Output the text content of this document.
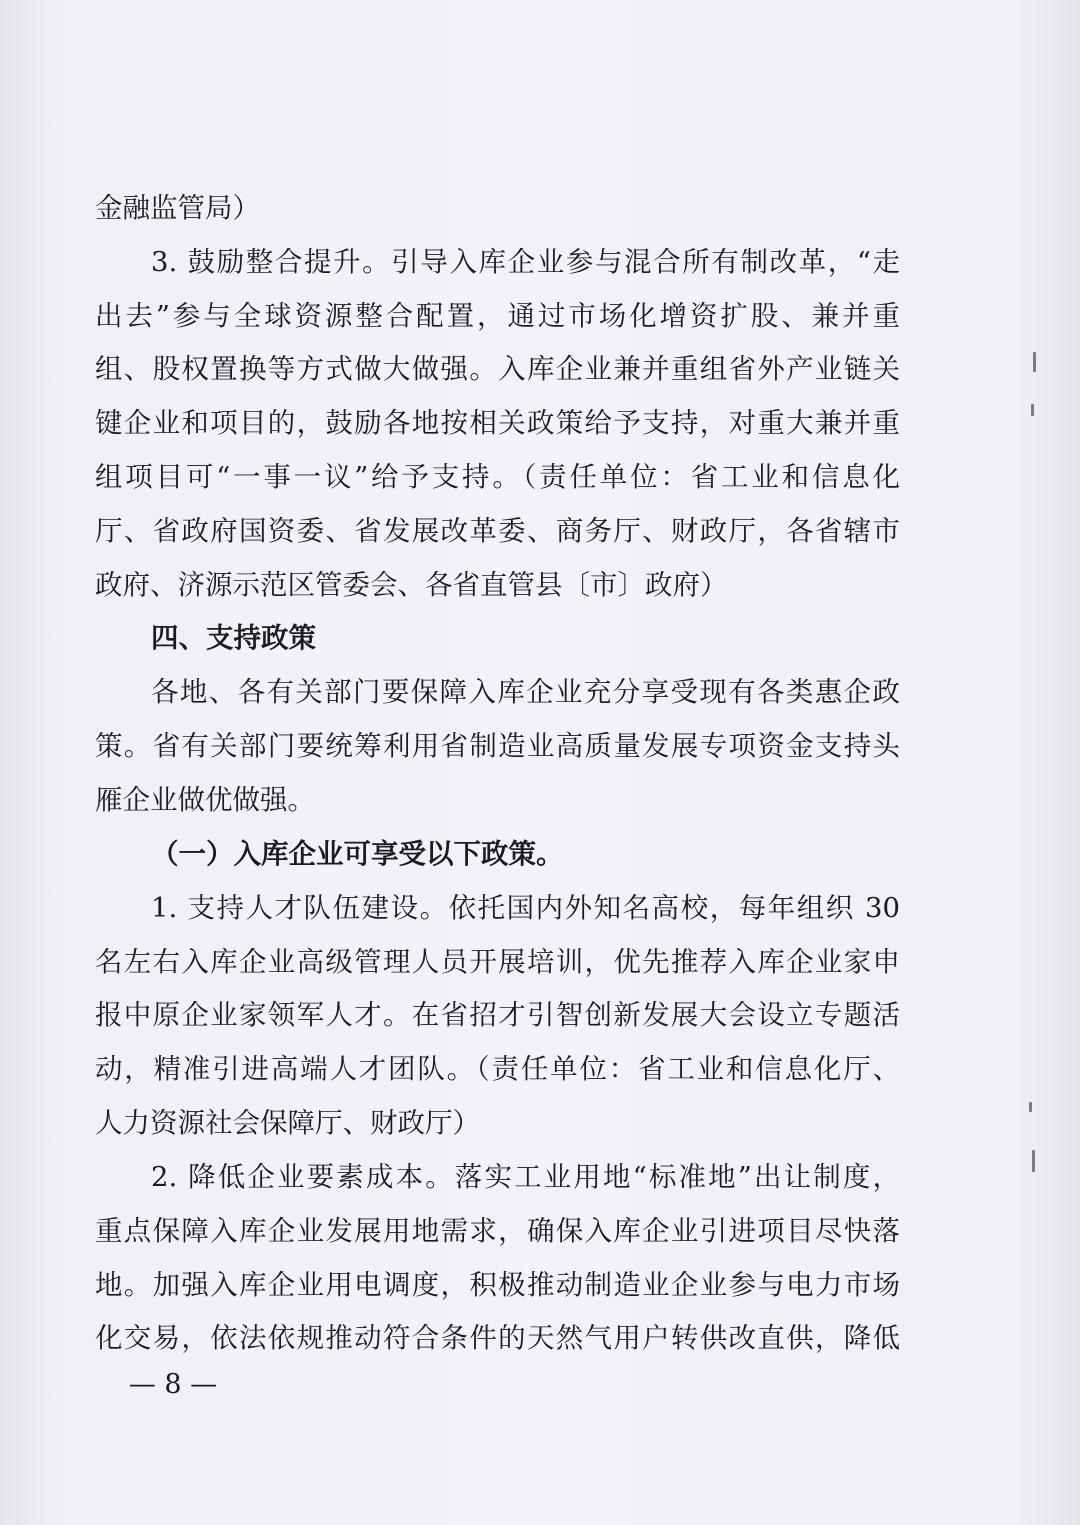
金融监管局）
3. 鼓励整合提升。引导入库企业参与混合所有制改革，“走
出去”参与全球资源整合配置，通过市场化增资扩股、兼并重
组、股权置换等方式做大做强。入库企业兼并重组省外产业链关
键企业和项目的，鼓励各地按相关政策给予支持，对重大兼并重
组项目可“一事一议”给予支持。（责任单位：省工业和信息化
厅、省政府国资委、省发展改革委、商务厅、财政厅，各省辖市
政府、济源示范区管委会、各省直管县〔市〕政府）
四、支持政策
各地、各有关部门要保障入库企业充分享受现有各类惠企政
策。省有关部门要统筹利用省制造业高质量发展专项资金支持头
雁企业做优做强。
（一）入库企业可享受以下政策。
1. 支持人才队伍建设。依托国内外知名高校，每年组织 30
名左右入库企业高级管理人员开展培训，优先推荐入库企业家申
报中原企业家领军人才。在省招才引智创新发展大会设立专题活
动，精准引进高端人才团队。（责任单位：省工业和信息化厅、
人力资源社会保障厅、财政厅）
2. 降低企业要素成本。落实工业用地“标准地”出让制度，
重点保障入库企业发展用地需求，确保入库企业引进项目尽快落
地。加强入库企业用电调度，积极推动制造业企业参与电力市场
化交易，依法依规推动符合条件的天然气用户转供改直供，降低
— 8 —
